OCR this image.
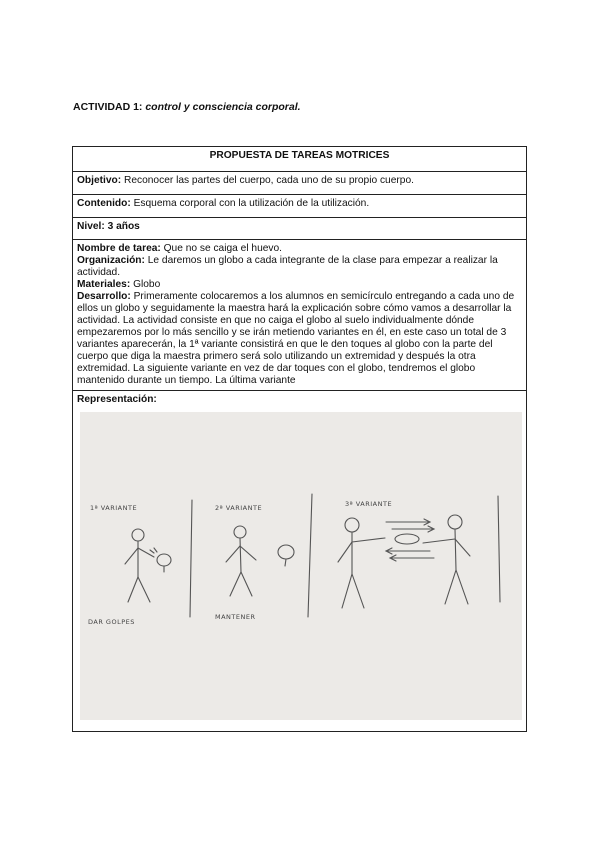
ACTIVIDAD 1: control y consciencia corporal.
PROPUESTA DE TAREAS MOTRICES
Objetivo: Reconocer las partes del cuerpo, cada uno de su propio cuerpo.
Contenido: Esquema corporal con la utilización de la utilización.
Nivel: 3 años

Nombre de tarea: Que no se caiga el huevo.
Organización: Le daremos un globo a cada integrante de la clase para empezar a realizar la actividad.
Materiales: Globo
Desarrollo: Primeramente colocaremos a los alumnos en semicírculo entregando a cada uno de ellos un globo y seguidamente la maestra hará la explicación sobre cómo vamos a desarrollar la actividad. La actividad consiste en que no caiga el globo al suelo individualmente dónde empezaremos por lo más sencillo y se irán metiendo variantes en él, en este caso un total de 3 variantes aparecerán, la 1ª variante consistirá en que le den toques al globo con la parte del cuerpo que diga la maestra primero será solo utilizando un extremidad y después la otra extremidad. La siguiente variante en vez de dar toques con el globo, tendremos el globo mantenido durante un tiempo. La última variante

Representación:
1ª VARIANTE	2ª VARIANTE	3ª VARIANTE
DAR GOLPES
MANTENER
